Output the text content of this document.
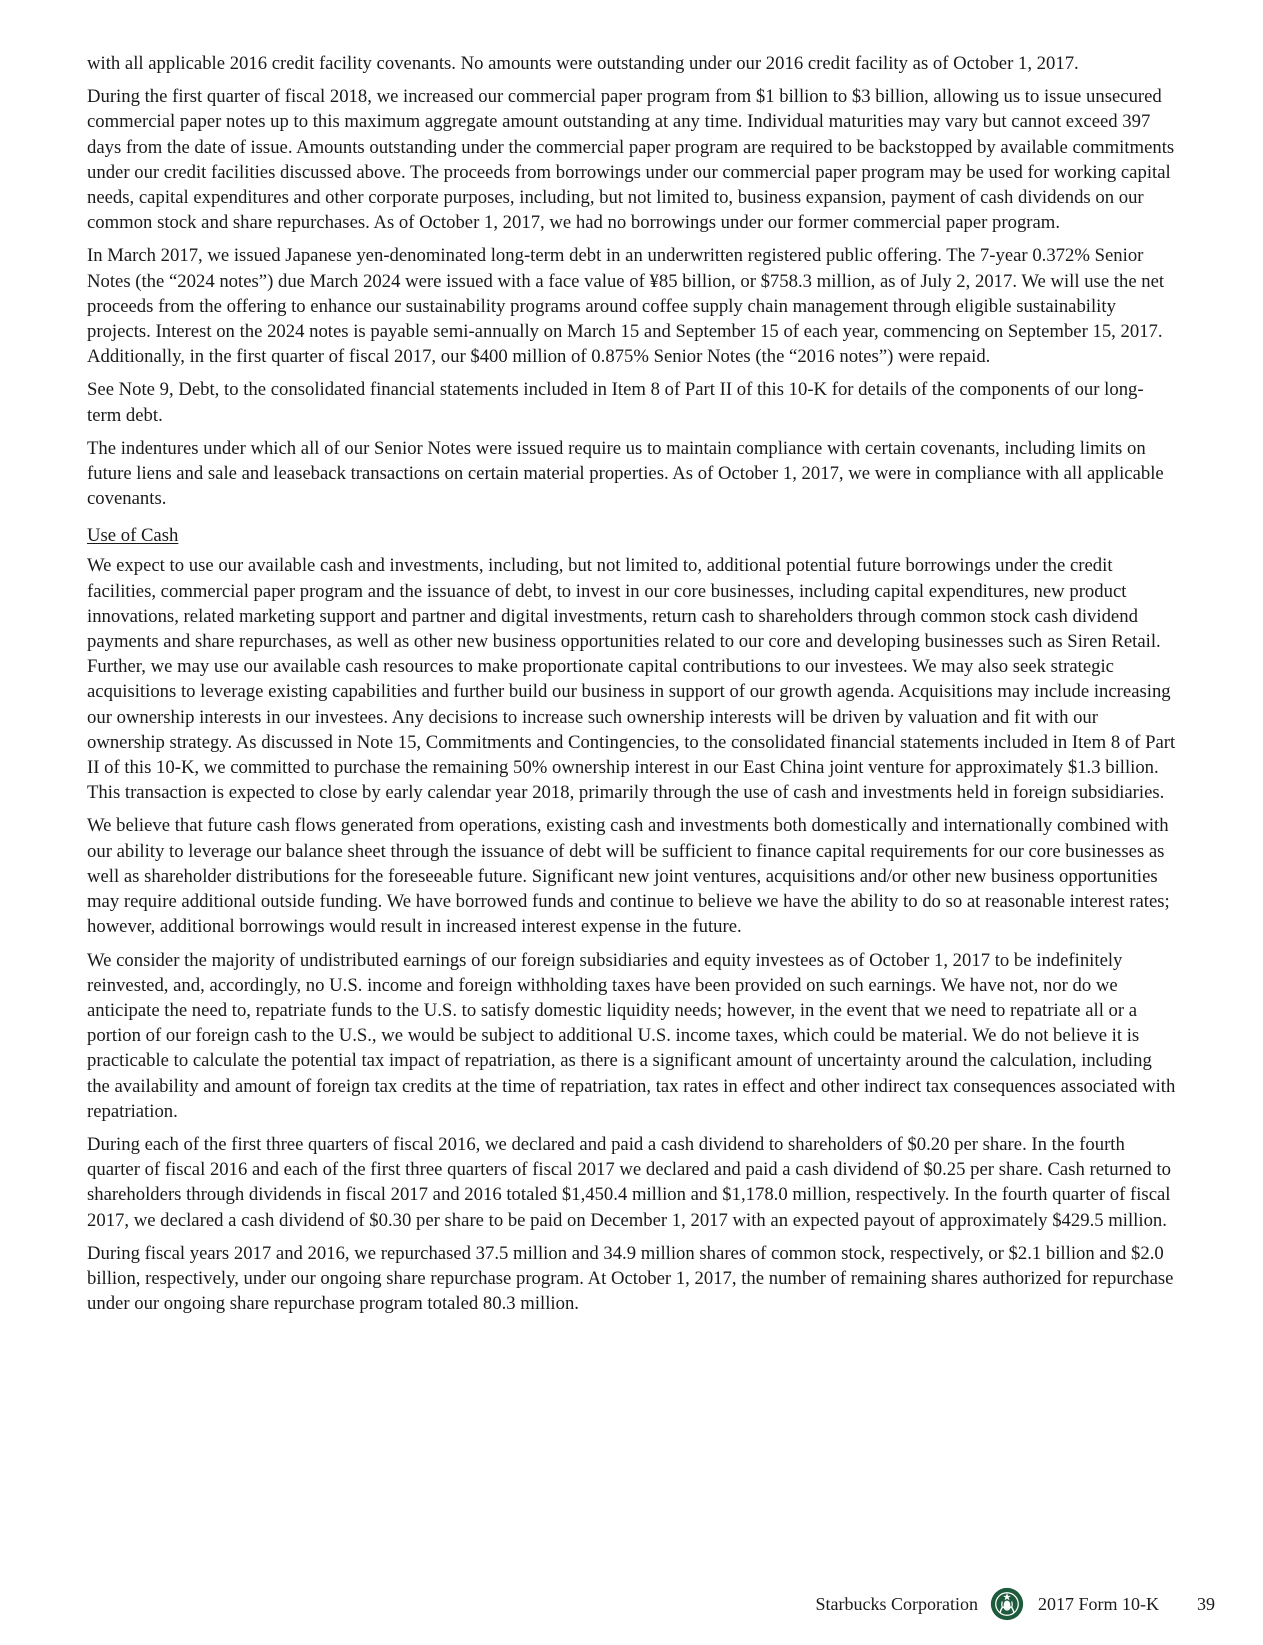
with all applicable 2016 credit facility covenants. No amounts were outstanding under our 2016 credit facility as of October 1, 2017.

During the first quarter of fiscal 2018, we increased our commercial paper program from $1 billion to $3 billion, allowing us to issue unsecured commercial paper notes up to this maximum aggregate amount outstanding at any time. Individual maturities may vary but cannot exceed 397 days from the date of issue. Amounts outstanding under the commercial paper program are required to be backstopped by available commitments under our credit facilities discussed above. The proceeds from borrowings under our commercial paper program may be used for working capital needs, capital expenditures and other corporate purposes, including, but not limited to, business expansion, payment of cash dividends on our common stock and share repurchases. As of October 1, 2017, we had no borrowings under our former commercial paper program.

In March 2017, we issued Japanese yen-denominated long-term debt in an underwritten registered public offering. The 7-year 0.372% Senior Notes (the “2024 notes”) due March 2024 were issued with a face value of ¥85 billion, or $758.3 million, as of July 2, 2017. We will use the net proceeds from the offering to enhance our sustainability programs around coffee supply chain management through eligible sustainability projects. Interest on the 2024 notes is payable semi-annually on March 15 and September 15 of each year, commencing on September 15, 2017. Additionally, in the first quarter of fiscal 2017, our $400 million of 0.875% Senior Notes (the “2016 notes”) were repaid.

See Note 9, Debt, to the consolidated financial statements included in Item 8 of Part II of this 10-K for details of the components of our long-term debt.

The indentures under which all of our Senior Notes were issued require us to maintain compliance with certain covenants, including limits on future liens and sale and leaseback transactions on certain material properties. As of October 1, 2017, we were in compliance with all applicable covenants.

Use of Cash

We expect to use our available cash and investments, including, but not limited to, additional potential future borrowings under the credit facilities, commercial paper program and the issuance of debt, to invest in our core businesses, including capital expenditures, new product innovations, related marketing support and partner and digital investments, return cash to shareholders through common stock cash dividend payments and share repurchases, as well as other new business opportunities related to our core and developing businesses such as Siren Retail. Further, we may use our available cash resources to make proportionate capital contributions to our investees. We may also seek strategic acquisitions to leverage existing capabilities and further build our business in support of our growth agenda. Acquisitions may include increasing our ownership interests in our investees. Any decisions to increase such ownership interests will be driven by valuation and fit with our ownership strategy. As discussed in Note 15, Commitments and Contingencies, to the consolidated financial statements included in Item 8 of Part II of this 10-K, we committed to purchase the remaining 50% ownership interest in our East China joint venture for approximately $1.3 billion. This transaction is expected to close by early calendar year 2018, primarily through the use of cash and investments held in foreign subsidiaries.

We believe that future cash flows generated from operations, existing cash and investments both domestically and internationally combined with our ability to leverage our balance sheet through the issuance of debt will be sufficient to finance capital requirements for our core businesses as well as shareholder distributions for the foreseeable future. Significant new joint ventures, acquisitions and/or other new business opportunities may require additional outside funding. We have borrowed funds and continue to believe we have the ability to do so at reasonable interest rates; however, additional borrowings would result in increased interest expense in the future.

We consider the majority of undistributed earnings of our foreign subsidiaries and equity investees as of October 1, 2017 to be indefinitely reinvested, and, accordingly, no U.S. income and foreign withholding taxes have been provided on such earnings. We have not, nor do we anticipate the need to, repatriate funds to the U.S. to satisfy domestic liquidity needs; however, in the event that we need to repatriate all or a portion of our foreign cash to the U.S., we would be subject to additional U.S. income taxes, which could be material. We do not believe it is practicable to calculate the potential tax impact of repatriation, as there is a significant amount of uncertainty around the calculation, including the availability and amount of foreign tax credits at the time of repatriation, tax rates in effect and other indirect tax consequences associated with repatriation.

During each of the first three quarters of fiscal 2016, we declared and paid a cash dividend to shareholders of $0.20 per share. In the fourth quarter of fiscal 2016 and each of the first three quarters of fiscal 2017 we declared and paid a cash dividend of $0.25 per share. Cash returned to shareholders through dividends in fiscal 2017 and 2016 totaled $1,450.4 million and $1,178.0 million, respectively. In the fourth quarter of fiscal 2017, we declared a cash dividend of $0.30 per share to be paid on December 1, 2017 with an expected payout of approximately $429.5 million.

During fiscal years 2017 and 2016, we repurchased 37.5 million and 34.9 million shares of common stock, respectively, or $2.1 billion and $2.0 billion, respectively, under our ongoing share repurchase program. At October 1, 2017, the number of remaining shares authorized for repurchase under our ongoing share repurchase program totaled 80.3 million.

Starbucks Corporation	2017 Form 10-K 39
